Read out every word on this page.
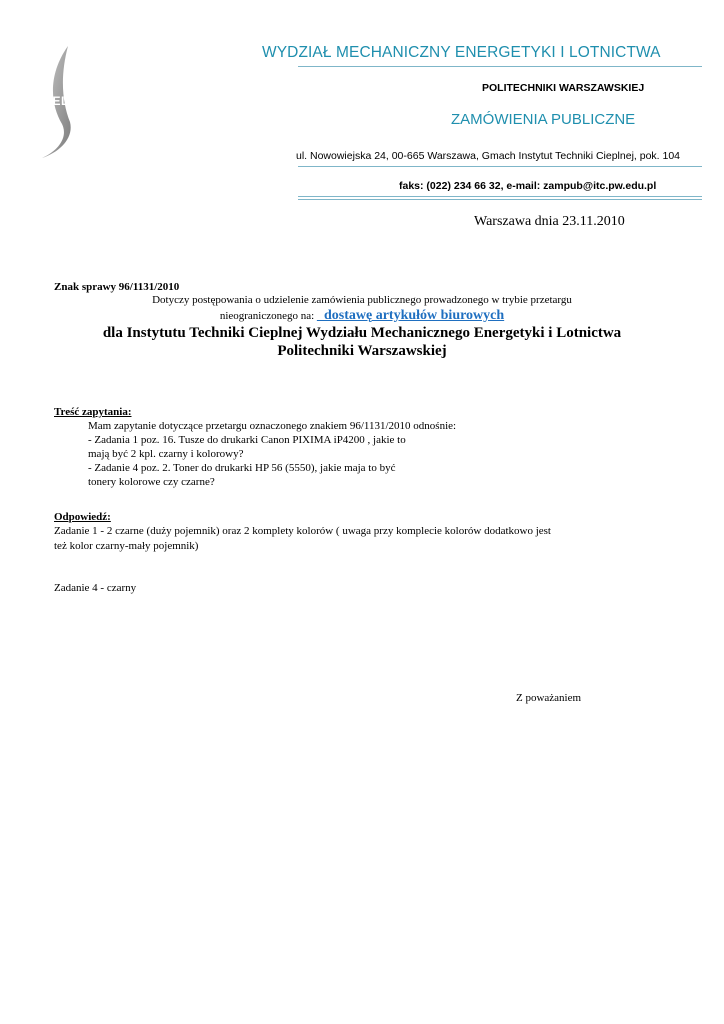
MEL
WYDZIAŁ MECHANICZNY ENERGETYKI I LOTNICTWA
POLITECHNIKI WARSZAWSKIEJ
ZAMÓWIENIA PUBLICZNE
ul. Nowowiejska 24, 00-665 Warszawa, Gmach Instytut Techniki Cieplnej, pok. 104
faks: (022) 234 66 32, e-mail: zampub@itc.pw.edu.pl
Warszawa dnia 23.11.2010
Znak sprawy 96/1131/2010
Dotyczy postępowania o udzielenie zamówienia publicznego prowadzonego w trybie przetargu
nieograniczonego na: _dostawę artykułów biurowych
dla Instytutu Techniki Cieplnej Wydziału Mechanicznego Energetyki i Lotnictwa
Politechniki Warszawskiej
Treść zapytania:
Mam zapytanie dotyczące przetargu oznaczonego znakiem 96/1131/2010 odnośnie:
- Zadania 1 poz. 16. Tusze do drukarki Canon PIXIMA iP4200 , jakie to
mają być 2 kpl. czarny i kolorowy?
- Zadanie 4 poz. 2. Toner do drukarki HP 56 (5550), jakie maja to być
tonery kolorowe czy czarne?
Odpowiedź:
Zadanie 1 - 2 czarne (duży pojemnik) oraz 2 komplety kolorów ( uwaga przy komplecie kolorów dodatkowo jest
też kolor czarny-mały pojemnik)
Zadanie 4 - czarny
Z poważaniem
